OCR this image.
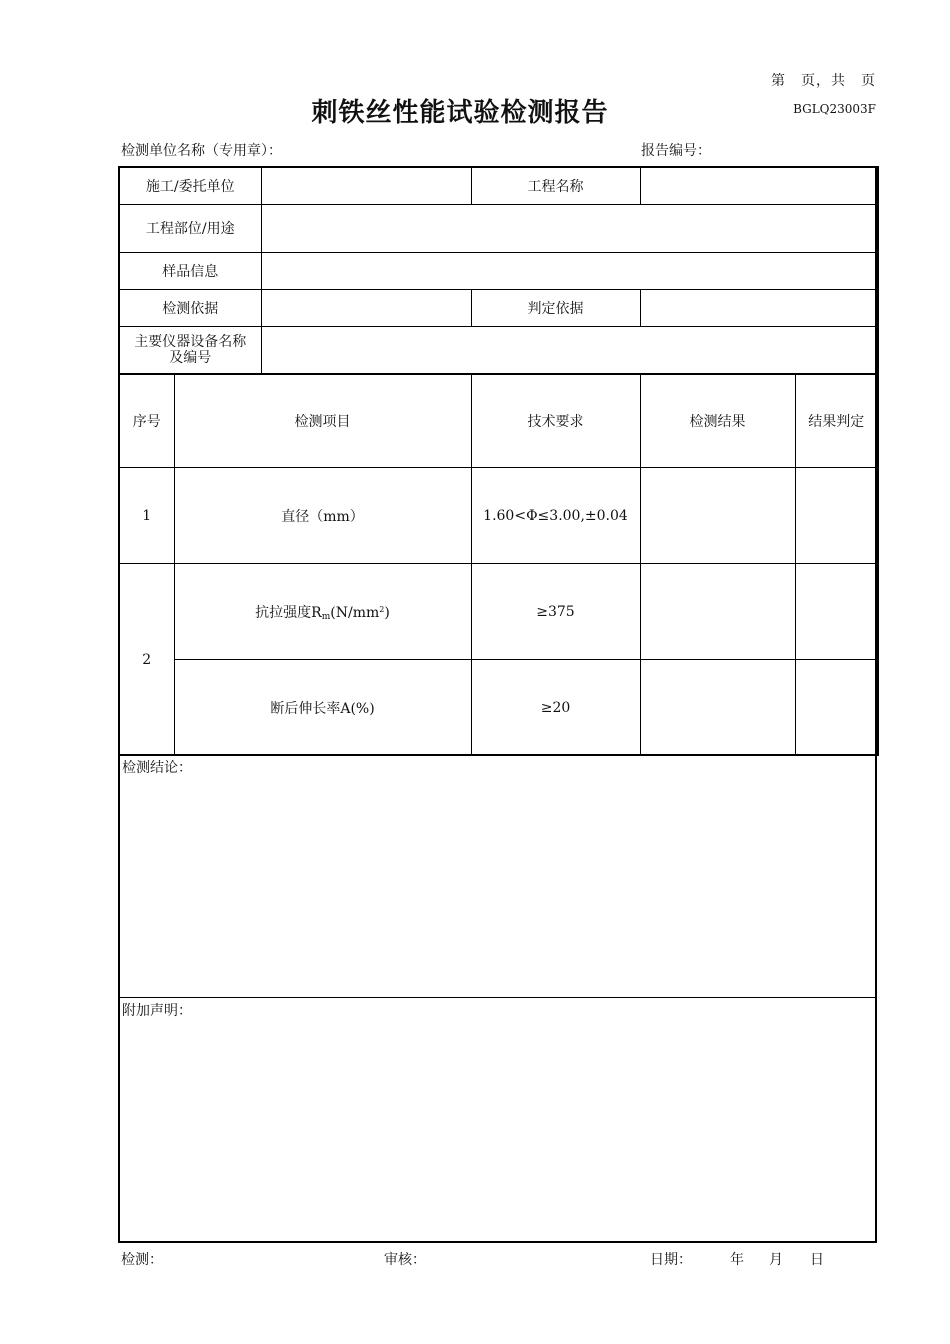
第　页，共　页
刺铁丝性能试验检测报告	BGLQ23003F
检测单位名称（专用章）：	报告编号：
施工/委托单位		工程名称	
工程部位/用途			
样品信息			
检测依据		判定依据	

主要仪器设备名称
及编号			

序号	检测项目	技术要求	检测结果	结果判定
1	直径（mm）	1.60<Φ≤3.00,±0.04		
2	抗拉强度$R_m(N/mm^2)$	≥375		
	断后伸长率A(%)	≥20		
检测结论：
附加声明：
检测：	审核：	日期：	年 月 日
